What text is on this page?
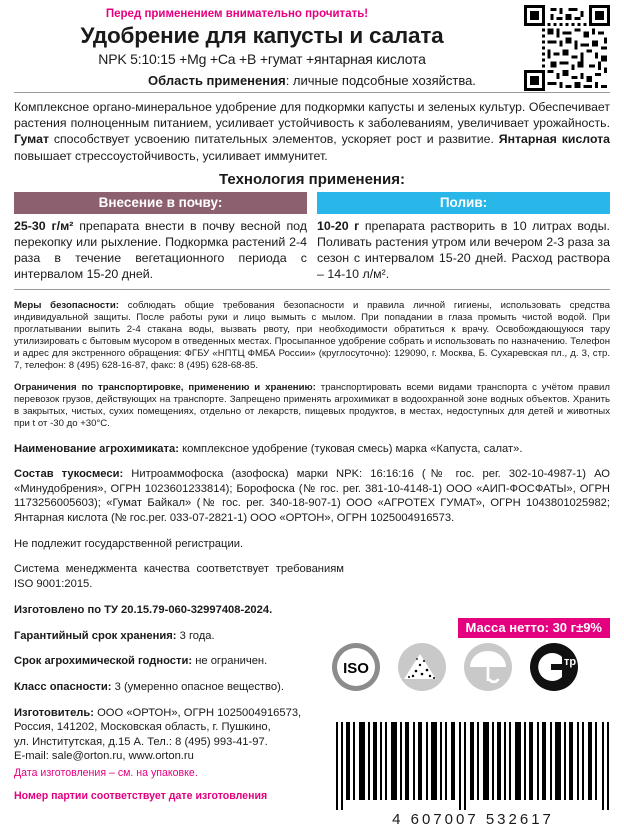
Перед применением внимательно прочитать!
Удобрение для капусты и салата
NPK 5:10:15 +Mg +Ca +B +гумат +янтарная кислота
Область применения: личные подсобные хозяйства.

Комплексное органо-минеральное удобрение для подкормки капусты и зеленых культур. Обеспечивает растения полноценным питанием, усиливает устойчивость к заболеваниям, увеличивает урожайность. Гумат способствует усвоению питательных элементов, ускоряет рост и развитие. Янтарная кислота повышает стрессоустойчивость, усиливает иммунитет.

Технология применения:
Внесение в почву:
25-30 г/м² препарата внести в почву весной под перекопку или рыхление. Подкормка растений 2-4 раза в течение вегетационного периода с интервалом 15-20 дней.
Полив:
10-20 г препарата растворить в 10 литрах воды. Поливать растения утром или вечером 2-3 раза за сезон с интервалом 15-20 дней. Расход раствора – 14-10 л/м².

Меры безопасности: соблюдать общие требования безопасности и правила личной гигиены, использовать средства индивидуальной защиты. После работы руки и лицо вымыть с мылом. При попадании в глаза промыть чистой водой. При проглатывании выпить 2-4 стакана воды, вызвать рвоту, при необходимости обратиться к врачу. Освобождающуюся тару утилизировать с бытовым мусором в отведенных местах. Просыпанное удобрение собрать и использовать по назначению. Телефон и адрес для экстренного обращения: ФГБУ «НПТЦ ФМБА России» (круглосуточно): 129090, г. Москва, Б. Сухаревская пл., д. 3, стр. 7, телефон: 8 (495) 628-16-87, факс: 8 (495) 628-68-85.

Ограничения по транспортировке, применению и хранению: транспортировать всеми видами транспорта с учётом правил перевозок грузов, действующих на транспорте. Запрещено применять агрохимикат в водоохранной зоне водных объектов. Хранить в закрытых, чистых, сухих помещениях, отдельно от лекарств, пищевых продуктов, в местах, недоступных для детей и животных при t от -30 до +30°С.

Наименование агрохимиката: комплексное удобрение (туковая смесь) марка «Капуста, салат».

Состав тукосмеси: Нитроаммофоска (азофоска) марки NPK: 16:16:16 (№ гос. рег. 302-10-4987-1) АО «Минудобрения», ОГРН 1023601233814); Борофоска (№ гос. рег. 381-10-4148-1) ООО «АИП-ФОСФАТЫ», ОГРН 1173256005603); «Гумат Байкал» (№ гос. рег. 340-18-907-1) ООО «АГРОТЕХ ГУМАТ», ОГРН 1043801025982; Янтарная кислота (№ гос.рег. 033-07-2821-1) ООО «ОРТОН», ОГРН 1025004916573.

Масса нетто: 30 г±9%

Не подлежит государственной регистрации.

Система менеджмента качества соответствует требованиям ISO 9001:2015.

Изготовлено по ТУ 20.15.79-060-32997408-2024.

Гарантийный срок хранения: 3 года.

Срок агрохимической годности: не ограничен.

Класс опасности: 3 (умеренно опасное вещество).

Изготовитель: ООО «ОРТОН», ОГРН 1025004916573,
Россия, 141202, Московская область, г. Пушкино,
ул. Институтская, д.15 А. Тел.: 8 (495) 993-41-97.
E-mail: sale@orton.ru, www.orton.ru

Дата изготовления – см. на упаковке.

Номер партии соответствует дате изготовления

ISO	тр
4 607007 532617
